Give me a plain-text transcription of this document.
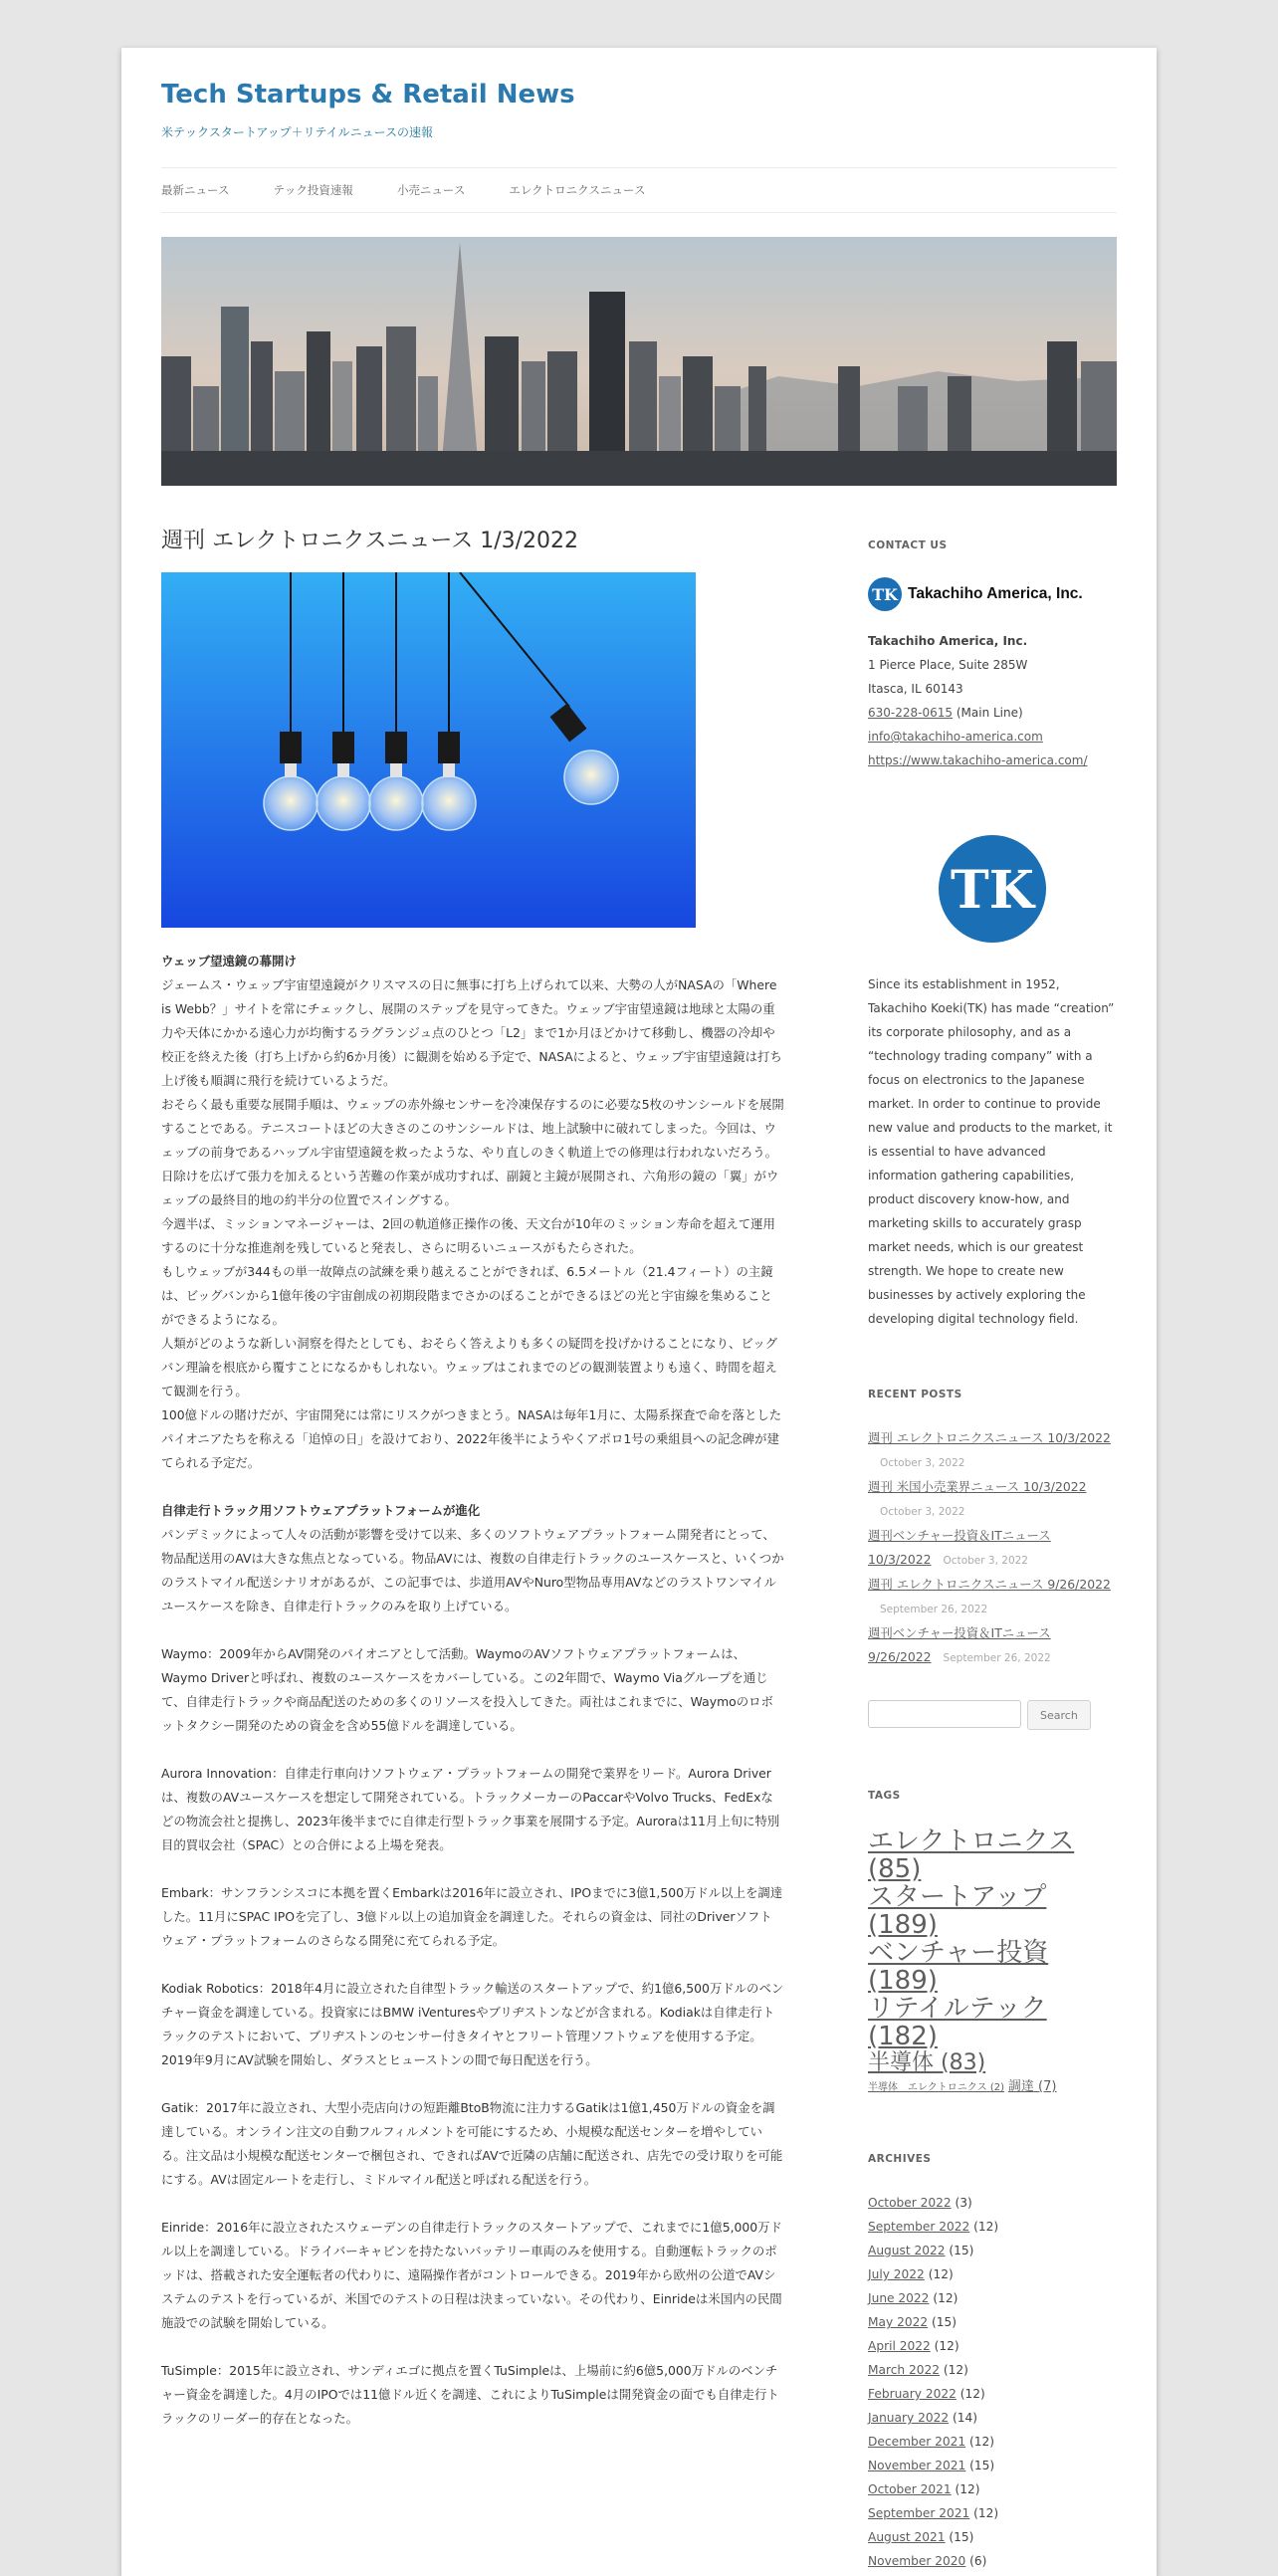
Tech Startups & Retail News
米テックスタートアップ＋リテイルニュースの速報
最新ニュース	テック投資速報	小売ニュース	エレクトロニクスニュース
週刊 エレクトロニクスニュース 1/3/2022

ウェッブ望遠鏡の幕開け
ジェームス・ウェッブ宇宙望遠鏡がクリスマスの日に無事に打ち上げられて以来、大勢の人がNASAの「Where is Webb？」サイトを常にチェックし、展開のステップを見守ってきた。ウェッブ宇宙望遠鏡は地球と太陽の重力や天体にかかる遠心力が均衡するラグランジュ点のひとつ「L2」まで1か月ほどかけて移動し、機器の冷却や校正を終えた後（打ち上げから約6か月後）に観測を始める予定で、NASAによると、ウェッブ宇宙望遠鏡は打ち上げ後も順調に飛行を続けているようだ。
おそらく最も重要な展開手順は、ウェッブの赤外線センサーを冷凍保存するのに必要な5枚のサンシールドを展開することである。テニスコートほどの大きさのこのサンシールドは、地上試験中に破れてしまった。今回は、ウェッブの前身であるハッブル宇宙望遠鏡を救ったような、やり直しのきく軌道上での修理は行われないだろう。
日除けを広げて張力を加えるという苦難の作業が成功すれば、副鏡と主鏡が展開され、六角形の鏡の「翼」がウェッブの最終目的地の約半分の位置でスイングする。
今週半ば、ミッションマネージャーは、2回の軌道修正操作の後、天文台が10年のミッション寿命を超えて運用するのに十分な推進剤を残していると発表し、さらに明るいニュースがもたらされた。
もしウェッブが344もの単一故障点の試練を乗り越えることができれば、6.5メートル（21.4フィート）の主鏡は、ビッグバンから1億年後の宇宙創成の初期段階までさかのぼることができるほどの光と宇宙線を集めることができるようになる。
人類がどのような新しい洞察を得たとしても、おそらく答えよりも多くの疑問を投げかけることになり、ビッグバン理論を根底から覆すことになるかもしれない。ウェッブはこれまでのどの観測装置よりも遠く、時間を超えて観測を行う。
100億ドルの賭けだが、宇宙開発には常にリスクがつきまとう。NASAは毎年1月に、太陽系探査で命を落としたパイオニアたちを称える「追悼の日」を設けており、2022年後半にようやくアポロ1号の乗組員への記念碑が建てられる予定だ。

自律走行トラック用ソフトウェアプラットフォームが進化
パンデミックによって人々の活動が影響を受けて以来、多くのソフトウェアプラットフォーム開発者にとって、物品配送用のAVは大きな焦点となっている。物品AVには、複数の自律走行トラックのユースケースと、いくつかのラストマイル配送シナリオがあるが、この記事では、歩道用AVやNuro型物品専用AVなどのラストワンマイルユースケースを除き、自律走行トラックのみを取り上げている。

Waymo：2009年からAV開発のパイオニアとして活動。WaymoのAVソフトウェアプラットフォームは、Waymo Driverと呼ばれ、複数のユースケースをカバーしている。この2年間で、Waymo Viaグループを通じて、自律走行トラックや商品配送のための多くのリソースを投入してきた。両社はこれまでに、Waymoのロボットタクシー開発のための資金を含め55億ドルを調達している。

Aurora Innovation：自律走行車向けソフトウェア・プラットフォームの開発で業界をリード。Aurora Driverは、複数のAVユースケースを想定して開発されている。トラックメーカーのPaccarやVolvo Trucks、FedExなどの物流会社と提携し、2023年後半までに自律走行型トラック事業を展開する予定。Auroraは11月上旬に特別目的買収会社（SPAC）との合併による上場を発表。

Embark：サンフランシスコに本拠を置くEmbarkは2016年に設立され、IPOまでに3億1,500万ドル以上を調達した。11月にSPAC IPOを完了し、3億ドル以上の追加資金を調達した。それらの資金は、同社のDriverソフトウェア・プラットフォームのさらなる開発に充てられる予定。

Kodiak Robotics：2018年4月に設立された自律型トラック輸送のスタートアップで、約1億6,500万ドルのベンチャー資金を調達している。投資家にはBMW iVenturesやブリヂストンなどが含まれる。Kodiakは自律走行トラックのテストにおいて、ブリヂストンのセンサー付きタイヤとフリート管理ソフトウェアを使用する予定。2019年9月にAV試験を開始し、ダラスとヒューストンの間で毎日配送を行う。

Gatik：2017年に設立され、大型小売店向けの短距離BtoB物流に注力するGatikは1億1,450万ドルの資金を調達している。オンライン注文の自動フルフィルメントを可能にするため、小規模な配送センターを増やしている。注文品は小規模な配送センターで梱包され、できればAVで近隣の店舗に配送され、店先での受け取りを可能にする。AVは固定ルートを走行し、ミドルマイル配送と呼ばれる配送を行う。

Einride：2016年に設立されたスウェーデンの自律走行トラックのスタートアップで、これまでに1億5,000万ドル以上を調達している。ドライバーキャビンを持たないバッテリー車両のみを使用する。自動運転トラックのポッドは、搭載された安全運転者の代わりに、遠隔操作者がコントロールできる。2019年から欧州の公道でAVシステムのテストを行っているが、米国でのテストの日程は決まっていない。その代わり、Einrideは米国内の民間施設での試験を開始している。

TuSimple：2015年に設立され、サンディエゴに拠点を置くTuSimpleは、上場前に約6億5,000万ドルのベンチャー資金を調達した。4月のIPOでは11億ドル近くを調達、これによりTuSimpleは開発資金の面でも自律走行トラックのリーダー的存在となった。

CONTACT US
TK Takachiho America, Inc.
Takachiho America, Inc.
1 Pierce Place, Suite 285W
Itasca, IL 60143
630-228-0615 (Main Line)
info@takachiho-america.com
https://www.takachiho-america.com/
TK
Since its establishment in 1952, Takachiho Koeki(TK) has made “creation” its corporate philosophy, and as a “technology trading company” with a focus on electronics to the Japanese market. In order to continue to provide new value and products to the market, it is essential to have advanced information gathering capabilities, product discovery know-how, and marketing skills to accurately grasp market needs, which is our greatest strength. We hope to create new businesses by actively exploring the developing digital technology field.
RECENT POSTS
週刊 エレクトロニクスニュース 10/3/2022
October 3, 2022
週刊 米国小売業界ニュース 10/3/2022
October 3, 2022
週刊ベンチャー投資＆ITニュース 10/3/2022 October 3, 2022
週刊 エレクトロニクスニュース 9/26/2022
September 26, 2022
週刊ベンチャー投資＆ITニュース 9/26/2022 September 26, 2022
Search
TAGS
エレクトロニクス (85)
スタートアップ (189)
ベンチャー投資 (189)
リテイルテック (182)
半導体 (83)
半導体　エレクトロニクス (2) 調達 (7)
ARCHIVES
October 2022 (3)
September 2022 (12)
August 2022 (15)
July 2022 (12)
June 2022 (12)
May 2022 (15)
April 2022 (12)
March 2022 (12)
February 2022 (12)
January 2022 (14)
December 2021 (12)
November 2021 (15)
October 2021 (12)
September 2021 (12)
August 2021 (15)
November 2020 (6)
